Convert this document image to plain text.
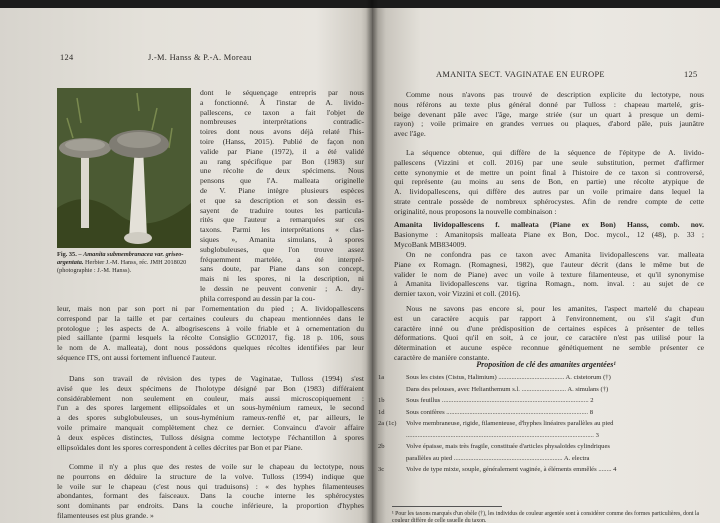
124	J.-M. Hanss & P.-A. Moreau
Fig. 35. – Amanita submembranacea var. griseo-argentata. Herbier J.-M. Hanss, réc. JMH 2018020 (photographie : J.-M. Hanss).
dont le séquençage entrepris par nous
a fonctionné. À l'instar de A. livido-
pallescens, ce taxon a fait l'objet de
nombreuses interprétations contradic-
toires dont nous avons déjà relaté l'his-
toire (Hanss, 2015). Publié de façon non
valide par Piane (1972), il a été validé
au rang spécifique par Bon (1983) sur
une récolte de deux spécimens. Nous
pensons que l'A. malleata originelle
de V. Piane intègre plusieurs espèces
et que sa description et son dessin es-
sayent de traduire toutes les particula-
rités que l'auteur a remarquées sur ces
taxons. Parmi les interprétations « clas-
siques », Amanita simulans, à spores
subglobuleuses, que l'on trouve assez
fréquemment martelée, a été interpré-
sans doute, par Piane dans son concept,
mais ni les spores, ni la description, ni
le dessin ne peuvent convenir ; A. dry-
phila correspond au dessin par la cou-
leur, mais non par son port ni par l'ornementation du pied ; A. lividopallescens
correspond par la taille et par certaines couleurs du chapeau mentionnées dans le
protologue ; les aspects de A. albogrisescens à voile friable et à ornementation du
pied saillante (parmi lesquels la récolte Consiglio GC02017, fig. 18 p. 106, sous
le nom de A. malleata), dont nous possédons quelques récoltes identifiées par leur
séquence ITS, ont aussi fortement influencé l'auteur.
Dans son travail de révision des types de Vaginatae, Tulloss (1994) s'est
avisé que les deux spécimens de l'holotype désigné par Bon (1983) différaient
considérablement non seulement en couleur, mais aussi microscopiquement :
l'un a des spores largement ellipsoïdales et un sous-hyménium rameux, le second
a des spores subglobuleuses, un sous-hyménium rameux-renflé et, par ailleurs, le
voile primaire manquait complètement chez ce dernier. Convaincu d'avoir affaire
à deux espèces distinctes, Tulloss désigna comme lectotype l'échantillon à spores
ellipsoïdales dont les spores correspondent à celles décrites par Bon et par Piane.
Comme il n'y a plus que des restes de voile sur le chapeau du lectotype, nous
ne pourrons en déduire la structure de la volve. Tulloss (1994) indique que
le voile sur le chapeau (c'est nous qui traduisons) : « des hyphes filamenteuses
abondantes, formant des faisceaux. Dans la couche interne les sphérocystes
sont dominants par endroits. Dans la couche inférieure, la proportion d'hyphes
filamenteuses est plus grande. »
AMANITA SECT. VAGINATAE EN EUROPE	125
Comme nous n'avons pas trouvé de description explicite du lectotype, nous
nous référons au texte plus général donné par Tulloss : chapeau martelé, gris-
beige devenant pâle avec l'âge, marge striée (sur un quart à presque un demi-
rayon) ; voile primaire en grandes verrues ou plaques, d'abord pâle, puis jaunâtre
avec l'âge.
La séquence obtenue, qui diffère de la séquence de l'épitype de A. livido-
pallescens (Vizzini et coll. 2016) par une seule substitution, permet d'affirmer
cette synonymie et de mettre un point final à l'histoire de ce taxon si controversé,
qui représente (au moins au sens de Bon, en partie) une récolte atypique de
A. lividopallescens, qui diffère des autres par un voile primaire dans lequel la
strate centrale possède de nombreux sphérocystes. Afin de rendre compte de cette
originalité, nous proposons la nouvelle combinaison :
Amanita lividopallescens f. malleata (Piane ex Bon) Hanss, comb. nov.
Basionyme : Amanitopsis malleata Piane ex Bon, Doc. mycol., 12 (48), p. 33 ;
MycoBank MB834009.
On ne confondra pas ce taxon avec Amanita lividopallescens var. malleata
Piane ex Romagn. (Romagnesi, 1982), que l'auteur décrit (dans le même but de
valider le nom de Piane) avec un voile à texture filamenteuse, et qu'il synonymise
à Amanita lividopallescens var. tigrina Romagn., nom. inval. : au sujet de ce
dernier taxon, voir Vizzini et coll. (2016).
Nous ne savons pas encore si, pour les amanites, l'aspect martelé du chapeau
est un caractère acquis par rapport à l'environnement, ou s'il s'agit d'un
caractère inné ou d'une prédisposition de certaines espèces à présenter de telles
déformations. Quoi qu'il en soit, à ce jour, ce caractère n'est pas utilisé pour la
détermination et aucune espèce reconnue génétiquement ne semble présenter ce
caractère de manière constante.
Proposition de clé des amanites argentées¹
1a	Sous les cistes (Cistus, Halimium) ........................................ A. cistetorum (†)
Dans des pelouses, avec Helianthemum s.l. ........................... A. simulans (†)
1b	Sous feuillus ......................................................................................... 2
1d	Sous conifères ...................................................................................... 8
2a (1c)	Volve membraneuse, rigide, filamenteuse, d'hyphes linéaires parallèles au pied
.................................................................................................................. 3
2b	Volve épaisse, mais très fragile, constituée d'articles physaloïdes cylindriques
parallèles au pied .................................................................. A. electra
3c	Volve de type mixte, souple, généralement vaginée, à éléments emmêlés ........ 4
¹ Pour les taxons marqués d'un obèle (†), les individus de couleur argentée sont à considérer comme des formes particulières, dont la couleur diffère de celle usuelle du taxon.
